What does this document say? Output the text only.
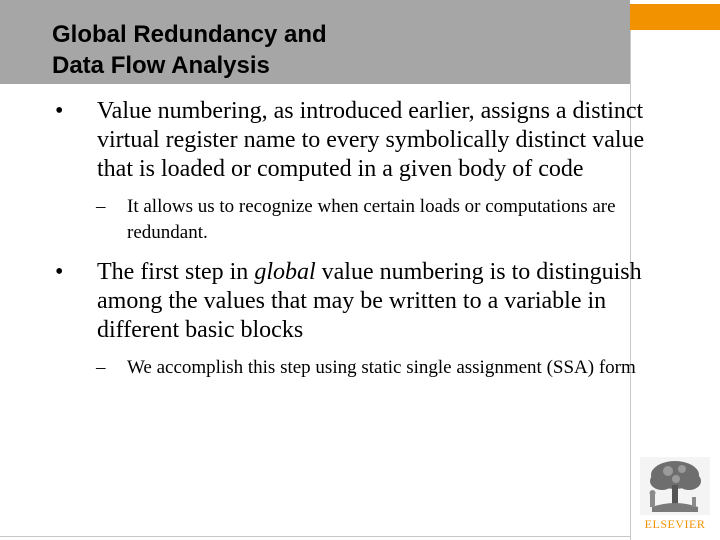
Global Redundancy and
Data Flow Analysis
•	Value numbering, as introduced earlier, assigns a distinct virtual register name to every symbolically distinct value that is loaded or computed in a given body of code
– It allows us to recognize when certain loads or computations are redundant.
•	The first step in global value numbering is to distinguish among the values that may be written to a variable in different basic blocks
– We accomplish this step using static single assignment (SSA) form
ELSEVIER
